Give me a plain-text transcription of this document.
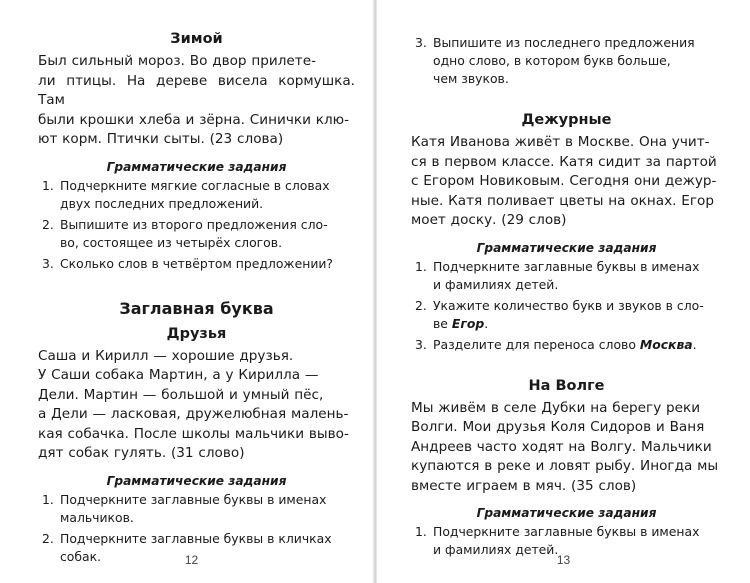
Зимой

Был сильный мороз. Во двор прилете-
ли птицы. На дереве висела кормушка. Там
были крошки хлеба и зёрна. Синички клю-
ют корм. Птички сыты. (23 слова)

Грамматические задания
1. Подчеркните мягкие согласные в словах
двух последних предложений.
2. Выпишите из второго предложения сло-
во, состоящее из четырёх слогов.
3. Сколько слов в четвёртом предложении?
Заглавная буква
Друзья

Саша и Кирилл — хорошие друзья.
У Саши собака Мартин, а у Кирилла —
Дели. Мартин — большой и умный пёс,
а Дели — ласковая, дружелюбная малень-
кая собачка. После школы мальчики выво-
дят собак гулять. (31 слово)

Грамматические задания
1. Подчеркните заглавные буквы в именах
мальчиков.
2. Подчеркните заглавные буквы в кличках
собак.	12
3. Выпишите из последнего предложения
одно слово, в котором букв больше,
чем звуков.
Дежурные

Катя Иванова живёт в Москве. Она учит-
ся в первом классе. Катя сидит за партой
с Егором Новиковым. Сегодня они дежур-
ные. Катя поливает цветы на окнах. Егор
моет доску. (29 слов)

Грамматические задания
1. Подчеркните заглавные буквы в именах
и фамилиях детей.
2. Укажите количество букв и звуков в сло-
ве Егор.
3. Разделите для переноса слово Москва.
На Волге

Мы живём в селе Дубки на берегу реки
Волги. Мои друзья Коля Сидоров и Ваня
Андреев часто ходят на Волгу. Мальчики
купаются в реке и ловят рыбу. Иногда мы
вместе играем в мяч. (35 слов)

Грамматические задания
1. Подчеркните заглавные буквы в именах
и фамилиях детей.
13
